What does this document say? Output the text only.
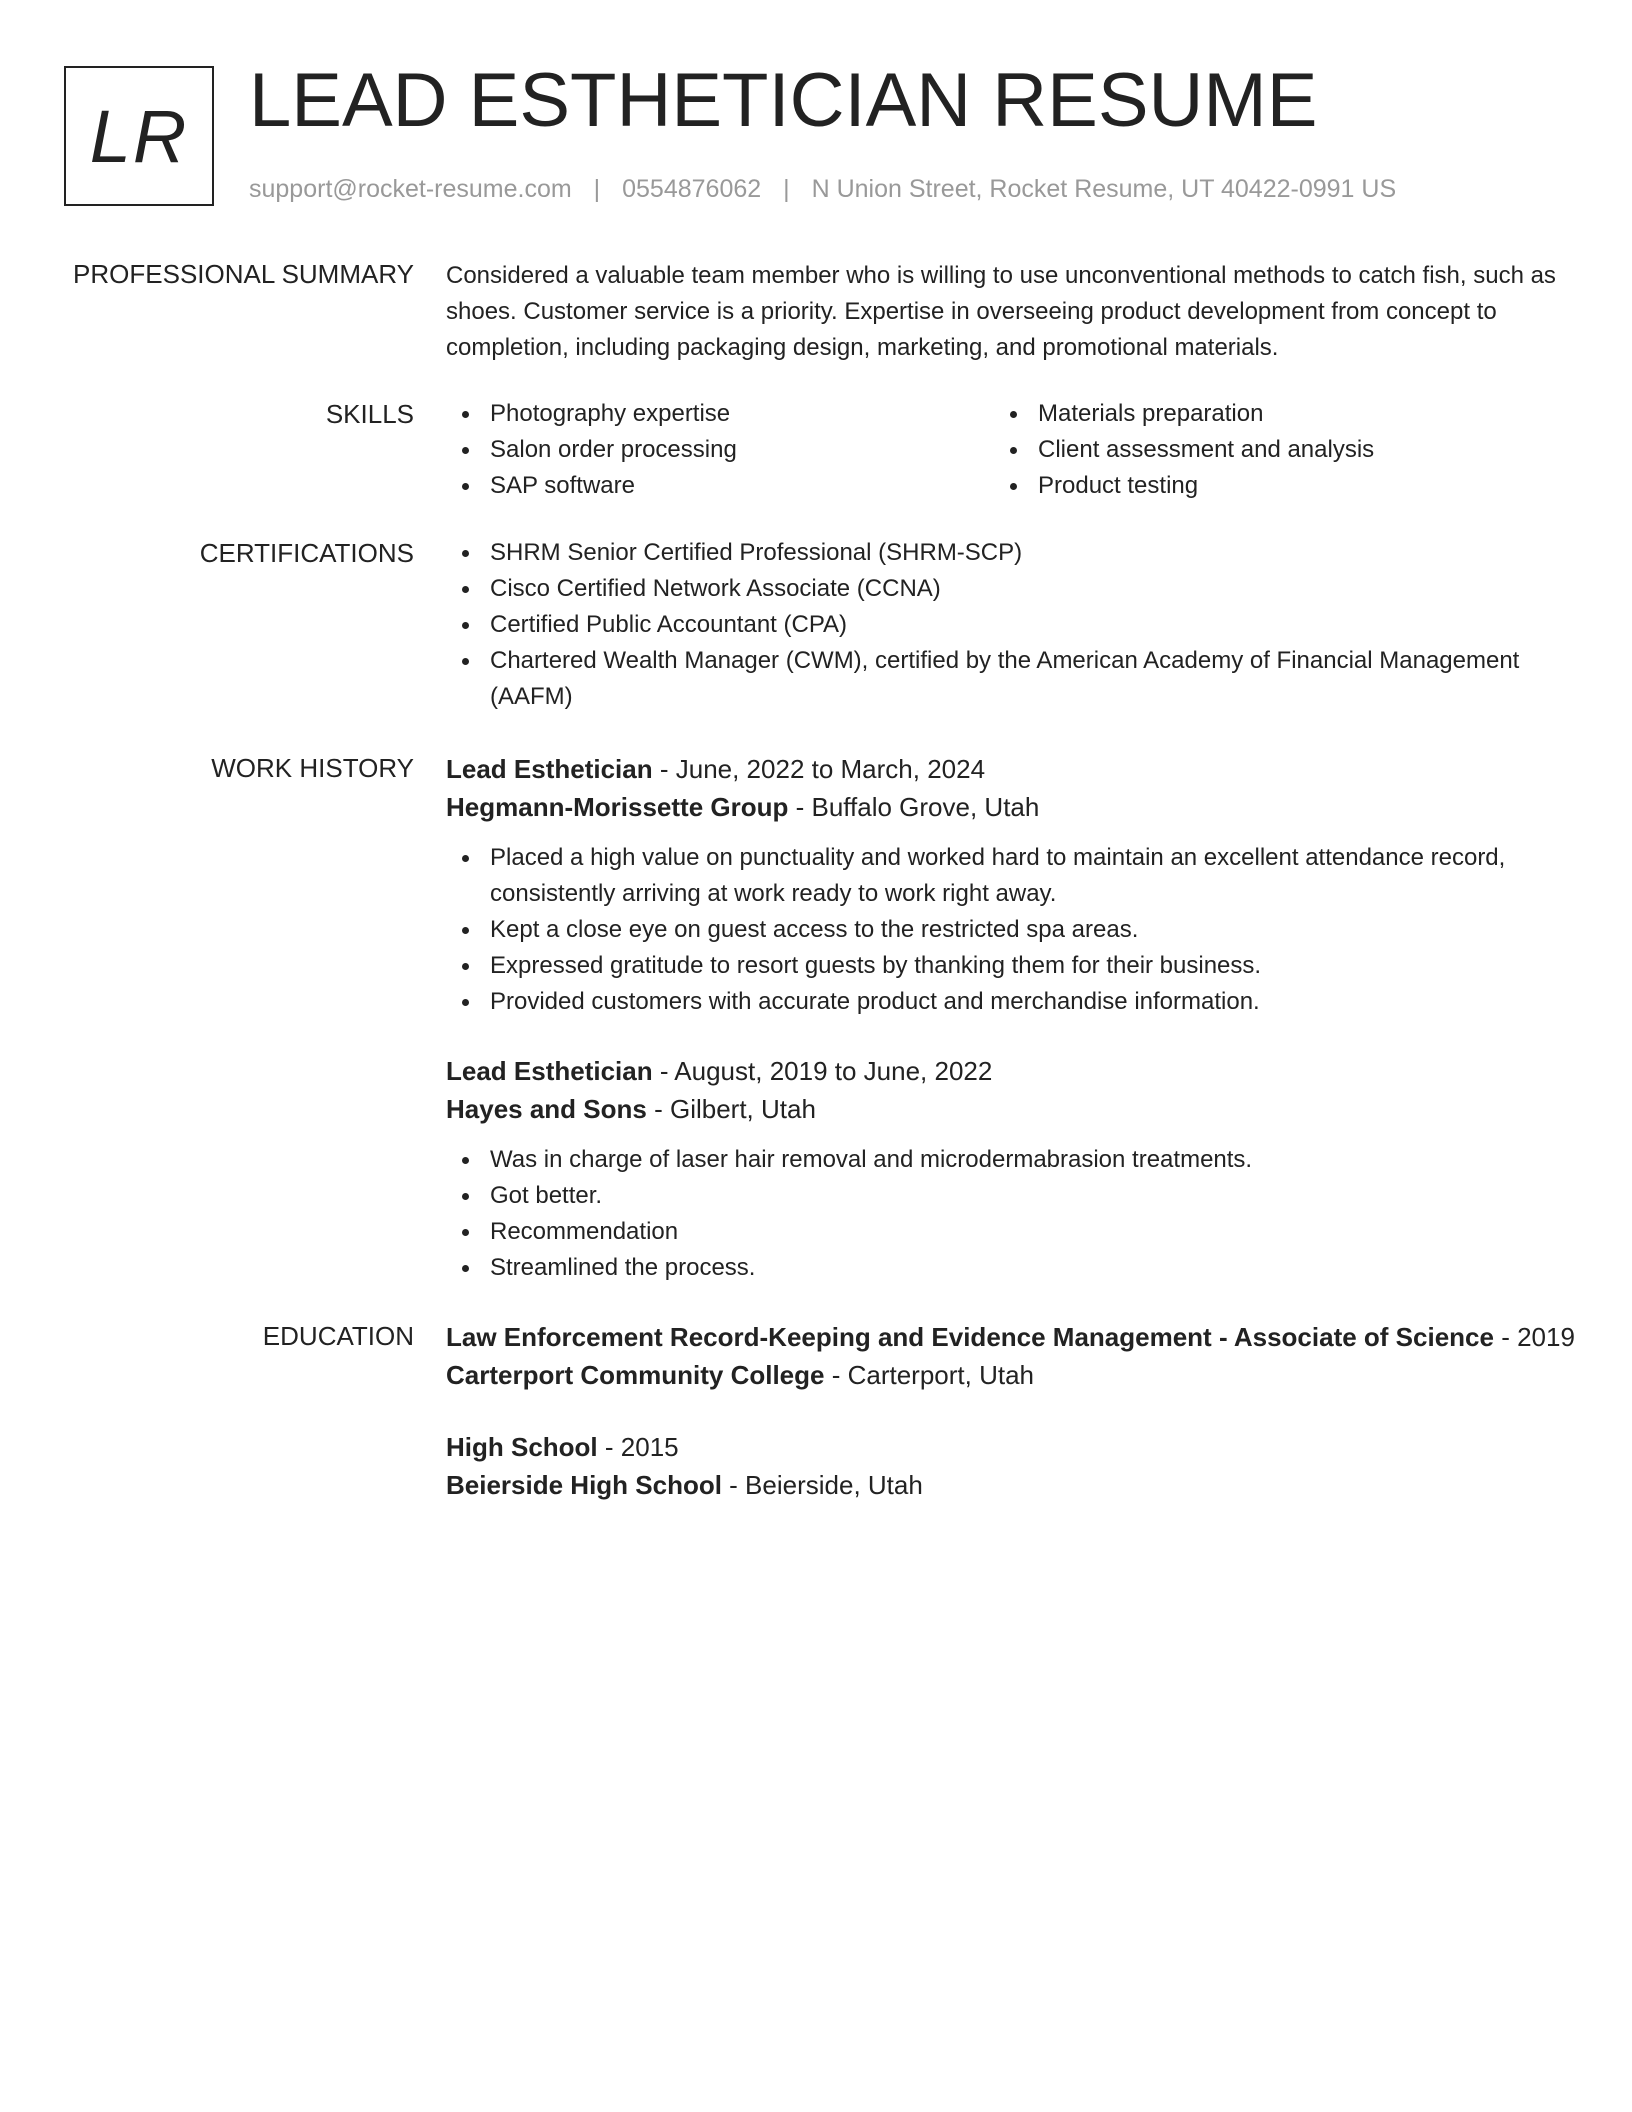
LR LEAD ESTHETICIAN RESUME
support@rocket-resume.com | 0554876062 | N Union Street, Rocket Resume, UT 40422-0991 US
PROFESSIONAL SUMMARY Considered a valuable team member who is willing to use unconventional methods to catch fish, such as shoes. Customer service is a priority. Expertise in overseeing product development from concept to completion, including packaging design, marketing, and promotional materials.

SKILLS	Photography expertise
Salon order processing
SAP software
Materials preparation
Client assessment and analysis
Product testing
CERTIFICATIONS	SHRM Senior Certified Professional (SHRM-SCP)
Cisco Certified Network Associate (CCNA)
Certified Public Accountant (CPA)
Chartered Wealth Manager (CWM), certified by the American Academy of Financial Management (AAFM)
WORK HISTORY Lead Esthetician - June, 2022 to March, 2024
Hegmann-Morissette Group - Buffalo Grove, Utah
Placed a high value on punctuality and worked hard to maintain an excellent attendance record, consistently arriving at work ready to work right away.
Kept a close eye on guest access to the restricted spa areas.
Expressed gratitude to resort guests by thanking them for their business.
Provided customers with accurate product and merchandise information.
Lead Esthetician - August, 2019 to June, 2022
Hayes and Sons - Gilbert, Utah
Was in charge of laser hair removal and microdermabrasion treatments.
Got better.
Recommendation
Streamlined the process.
EDUCATION Law Enforcement Record-Keeping and Evidence Management - Associate of Science - 2019
Carterport Community College - Carterport, Utah
High School - 2015
Beierside High School - Beierside, Utah
